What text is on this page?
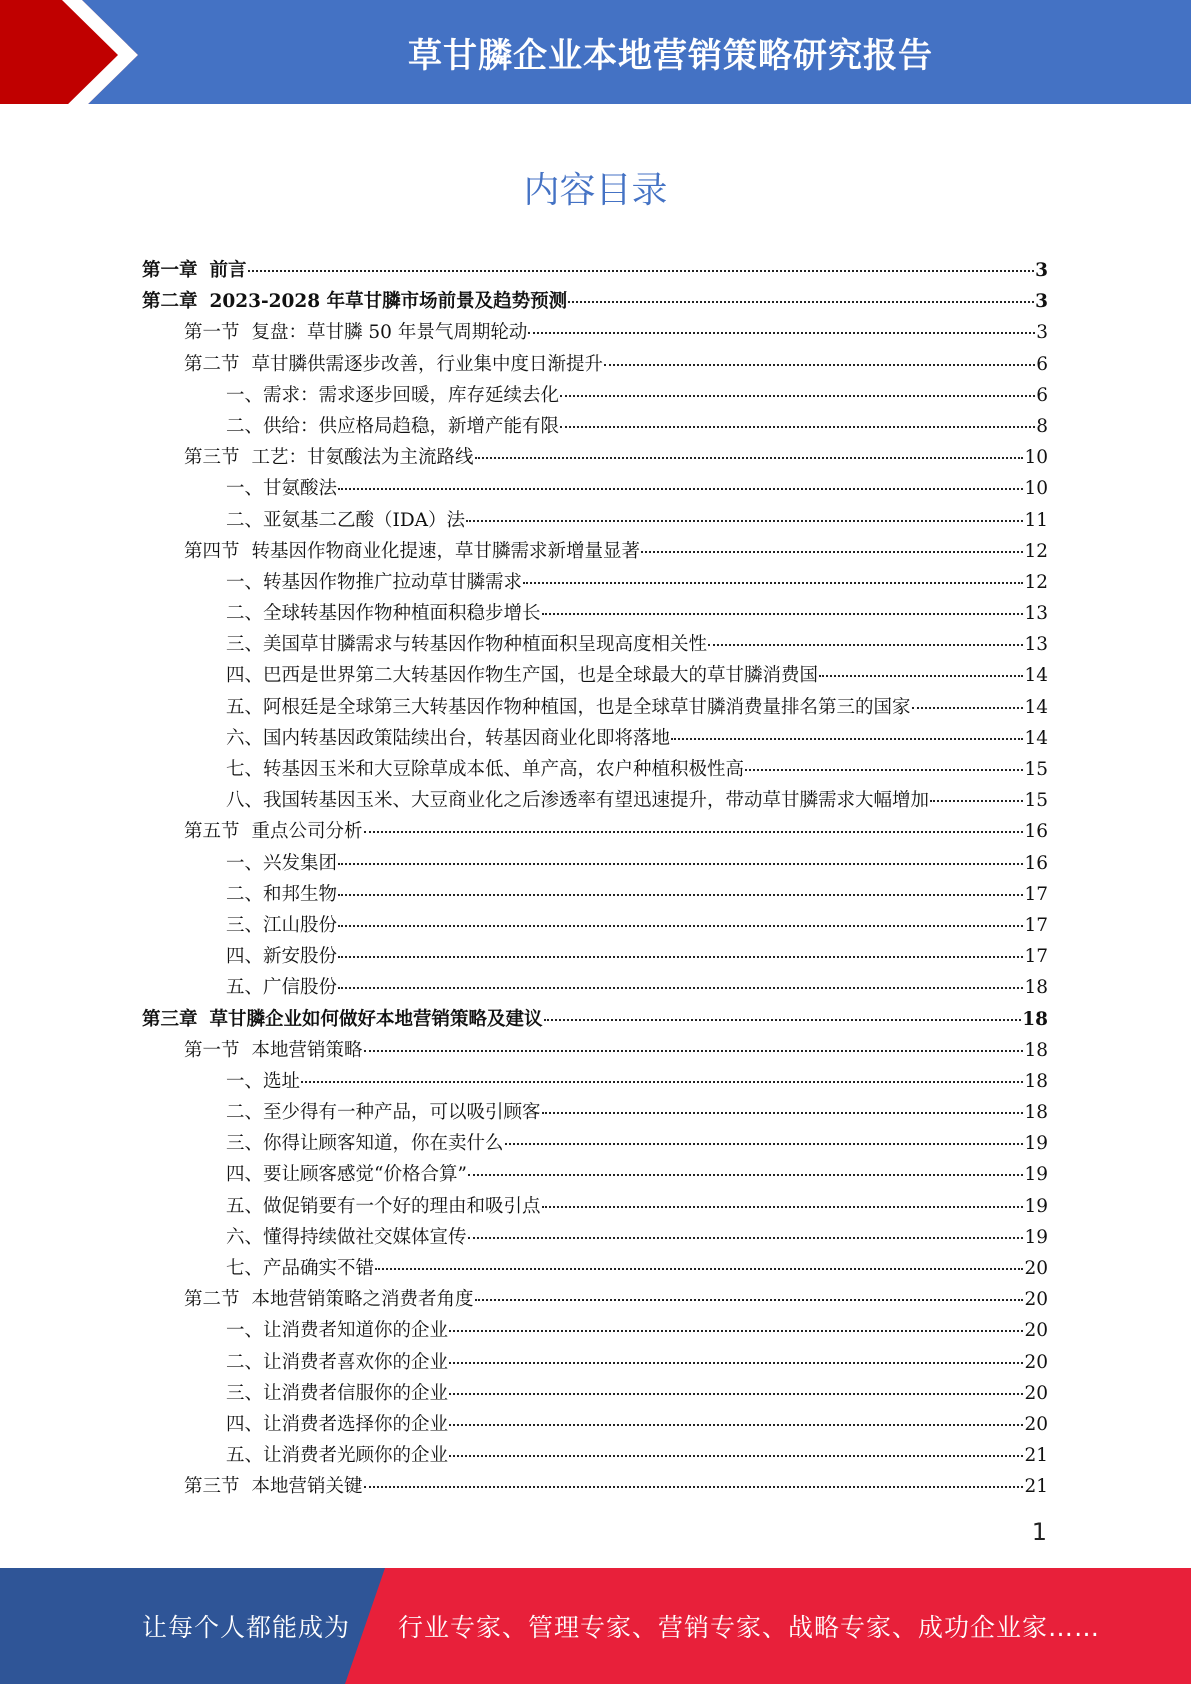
草甘膦企业本地营销策略研究报告
内容目录
第一章 前言	3
第二章 2023-2028 年草甘膦市场前景及趋势预测	3
第一节 复盘：草甘膦 50 年景气周期轮动	3
第二节 草甘膦供需逐步改善，行业集中度日渐提升	6
一、 需求：需求逐步回暖，库存延续去化	6
二、 供给：供应格局趋稳，新增产能有限	8
第三节 工艺：甘氨酸法为主流路线	10
一、 甘氨酸法	10
二、 亚氨基二乙酸（IDA）法	11
第四节 转基因作物商业化提速，草甘膦需求新增量显著	12
一、 转基因作物推广拉动草甘膦需求	12
二、 全球转基因作物种植面积稳步增长	13
三、 美国草甘膦需求与转基因作物种植面积呈现高度相关性	13
四、 巴西是世界第二大转基因作物生产国，也是全球最大的草甘膦消费国	14
五、 阿根廷是全球第三大转基因作物种植国，也是全球草甘膦消费量排名第三的国家	14
六、 国内转基因政策陆续出台，转基因商业化即将落地	14
七、 转基因玉米和大豆除草成本低、单产高，农户种植积极性高	15
八、 我国转基因玉米、大豆商业化之后渗透率有望迅速提升，带动草甘膦需求大幅增加	15
第五节 重点公司分析	16
一、 兴发集团	16
二、 和邦生物	17
三、 江山股份	17
四、 新安股份	17
五、 广信股份	18
第三章 草甘膦企业如何做好本地营销策略及建议	18
第一节 本地营销策略	18
一、 选址	18
二、 至少得有一种产品，可以吸引顾客	18
三、 你得让顾客知道，你在卖什么	19
四、 要让顾客感觉“价格合算”	19
五、 做促销要有一个好的理由和吸引点	19
六、 懂得持续做社交媒体宣传	19
七、 产品确实不错	20
第二节 本地营销策略之消费者角度	20
一、 让消费者知道你的企业	20
二、 让消费者喜欢你的企业	20
三、 让消费者信服你的企业	20
四、 让消费者选择你的企业	20
五、 让消费者光顾你的企业	21
第三节 本地营销关键	21
1
让每个人都能成为 行业专家、管理专家、营销专家、战略专家、成功企业家……
